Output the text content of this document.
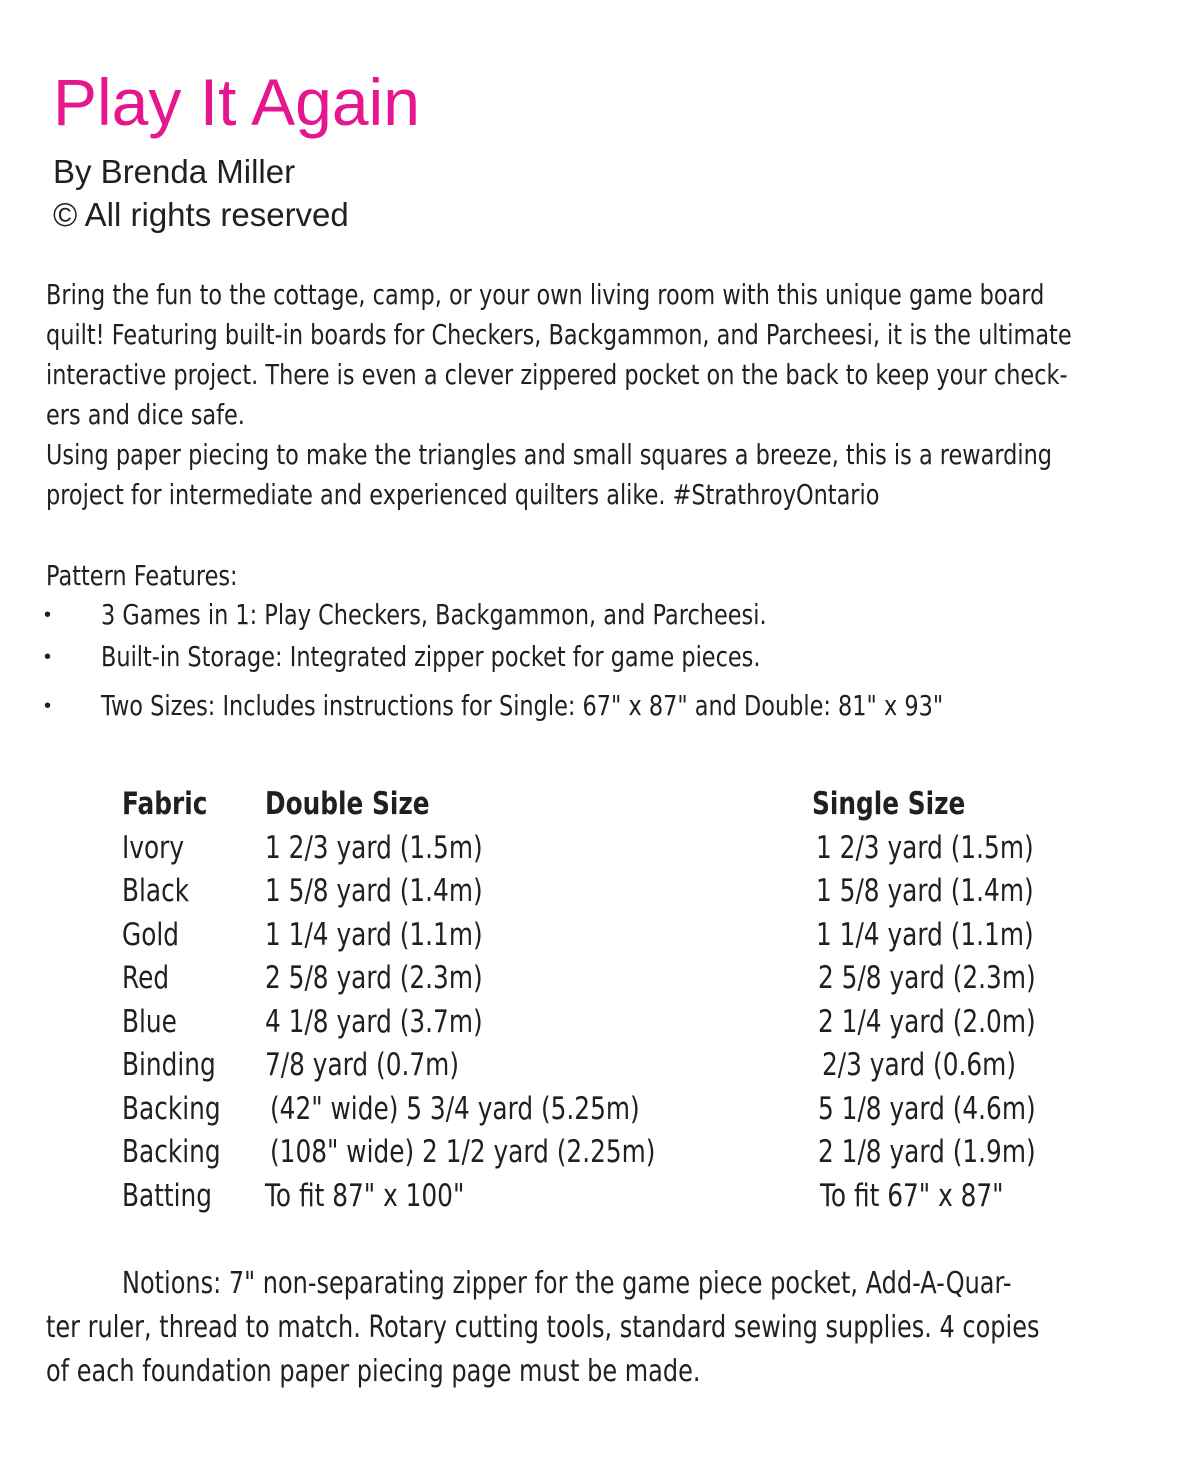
Play It Again
By Brenda Miller
© All rights reserved
Bring the fun to the cottage, camp, or your own living room with this unique game board
quilt! Featuring built-in boards for Checkers, Backgammon, and Parcheesi, it is the ultimate
interactive project. There is even a clever zippered pocket on the back to keep your check-
ers and dice safe.
Using paper piecing to make the triangles and small squares a breeze, this is a rewarding
project for intermediate and experienced quilters alike. #StrathroyOntario
Pattern Features:
• 3 Games in 1: Play Checkers, Backgammon, and Parcheesi.
• Built-in Storage: Integrated zipper pocket for game pieces.
• Two Sizes: Includes instructions for Single: 67" x 87" and Double: 81" x 93"
Fabric Double Size	Single Size
Ivory	1 2/3 yard (1.5m)	1 2/3 yard (1.5m)
Black 1 5/8 yard (1.4m)	1 5/8 yard (1.4m)
Gold	1 1/4 yard (1.1m)	1 1/4 yard (1.1m)
Red	2 5/8 yard (2.3m)	2 5/8 yard (2.3m)
Blue	4 1/8 yard (3.7m)	2 1/4 yard (2.0m)
Binding 7/8 yard (0.7m)	2/3 yard (0.6m)
Backing (42" wide) 5 3/4 yard (5.25m)	5 1/8 yard (4.6m)
Backing (108" wide) 2 1/2 yard (2.25m)	2 1/8 yard (1.9m)
Batting To fit 87" x 100"	To fit 67" x 87"
Notions: 7" non-separating zipper for the game piece pocket, Add-A-Quar-
ter ruler, thread to match. Rotary cutting tools, standard sewing supplies. 4 copies
of each foundation paper piecing page must be made.
